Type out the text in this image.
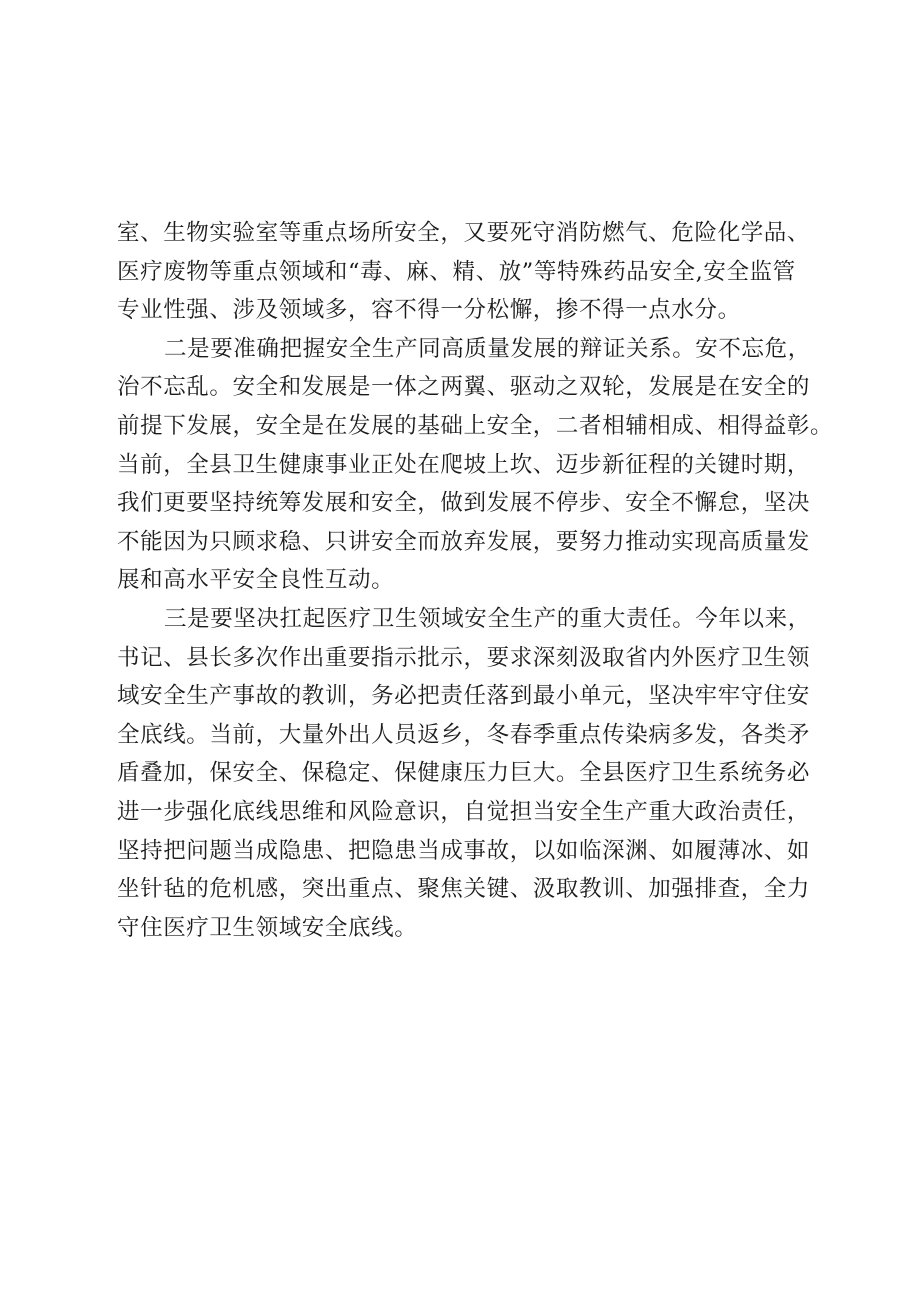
室、生物实验室等重点场所安全，又要死守消防燃气、危险化学品、
医疗废物等重点领域和“毒、麻、精、放”等特殊药品安全,安全监管
专业性强、涉及领域多，容不得一分松懈，掺不得一点水分。
二是要准确把握安全生产同高质量发展的辩证关系。安不忘危，
治不忘乱。安全和发展是一体之两翼、驱动之双轮，发展是在安全的
前提下发展，安全是在发展的基础上安全，二者相辅相成、相得益彰。
当前，全县卫生健康事业正处在爬坡上坎、迈步新征程的关键时期，
我们更要坚持统筹发展和安全，做到发展不停步、安全不懈怠，坚决
不能因为只顾求稳、只讲安全而放弃发展，要努力推动实现高质量发
展和高水平安全良性互动。
三是要坚决扛起医疗卫生领域安全生产的重大责任。今年以来，
书记、县长多次作出重要指示批示，要求深刻汲取省内外医疗卫生领
域安全生产事故的教训，务必把责任落到最小单元，坚决牢牢守住安
全底线。当前，大量外出人员返乡，冬春季重点传染病多发，各类矛
盾叠加，保安全、保稳定、保健康压力巨大。全县医疗卫生系统务必
进一步强化底线思维和风险意识，自觉担当安全生产重大政治责任，
坚持把问题当成隐患、把隐患当成事故，以如临深渊、如履薄冰、如
坐针毡的危机感，突出重点、聚焦关键、汲取教训、加强排查，全力
守住医疗卫生领域安全底线。
